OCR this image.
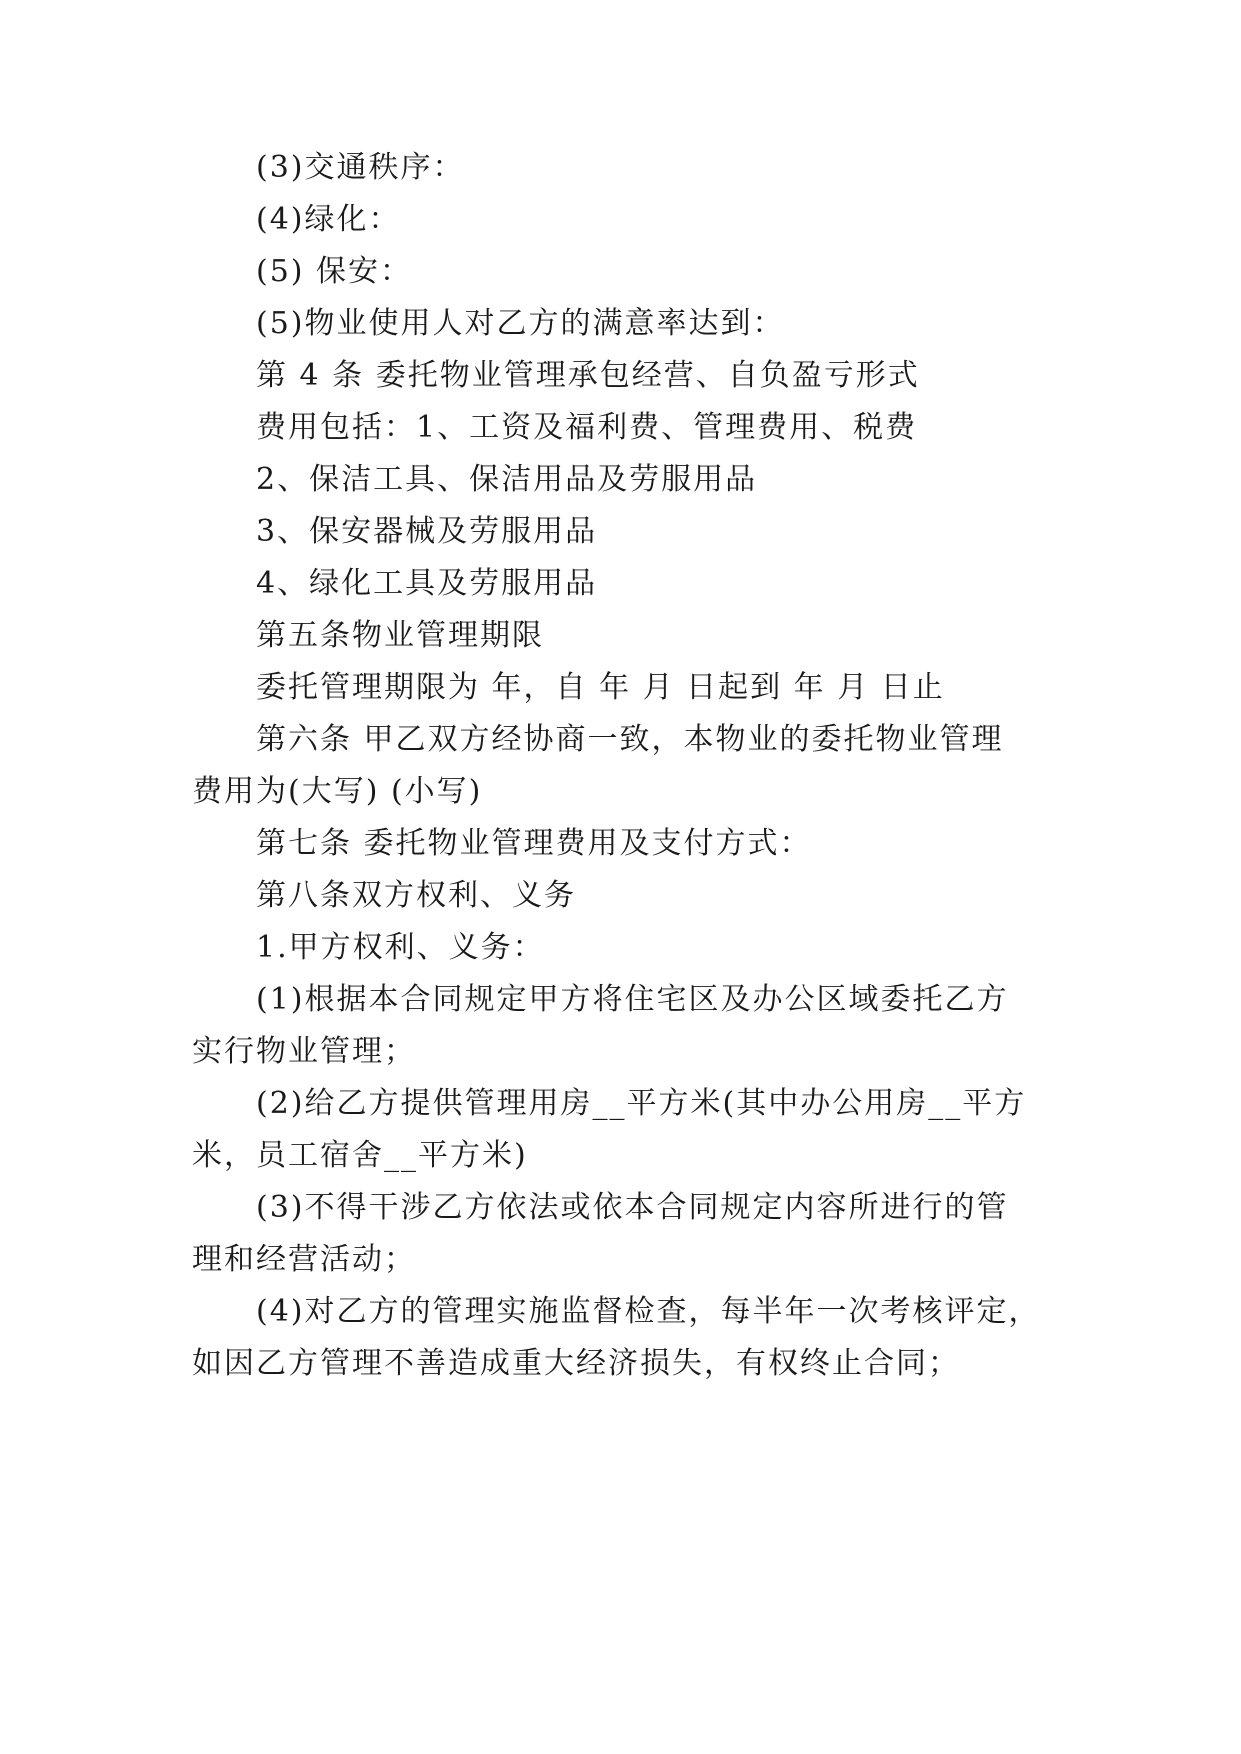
(3)交通秩序：
(4)绿化：
(5) 保安：
(5)物业使用人对乙方的满意率达到：
第 4 条 委托物业管理承包经营、自负盈亏形式
费用包括：1、工资及福利费、管理费用、税费
2、保洁工具、保洁用品及劳服用品
3、保安器械及劳服用品
4、绿化工具及劳服用品
第五条物业管理期限
委托管理期限为 年，自 年 月 日起到 年 月 日止
第六条 甲乙双方经协商一致，本物业的委托物业管理
费用为(大写) (小写)
第七条 委托物业管理费用及支付方式：
第八条双方权利、义务
1.甲方权利、义务：
(1)根据本合同规定甲方将住宅区及办公区域委托乙方
实行物业管理；
(2)给乙方提供管理用房__平方米(其中办公用房__平方
米，员工宿舍__平方米)
(3)不得干涉乙方依法或依本合同规定内容所进行的管
理和经营活动；
(4)对乙方的管理实施监督检查，每半年一次考核评定，
如因乙方管理不善造成重大经济损失，有权终止合同；
